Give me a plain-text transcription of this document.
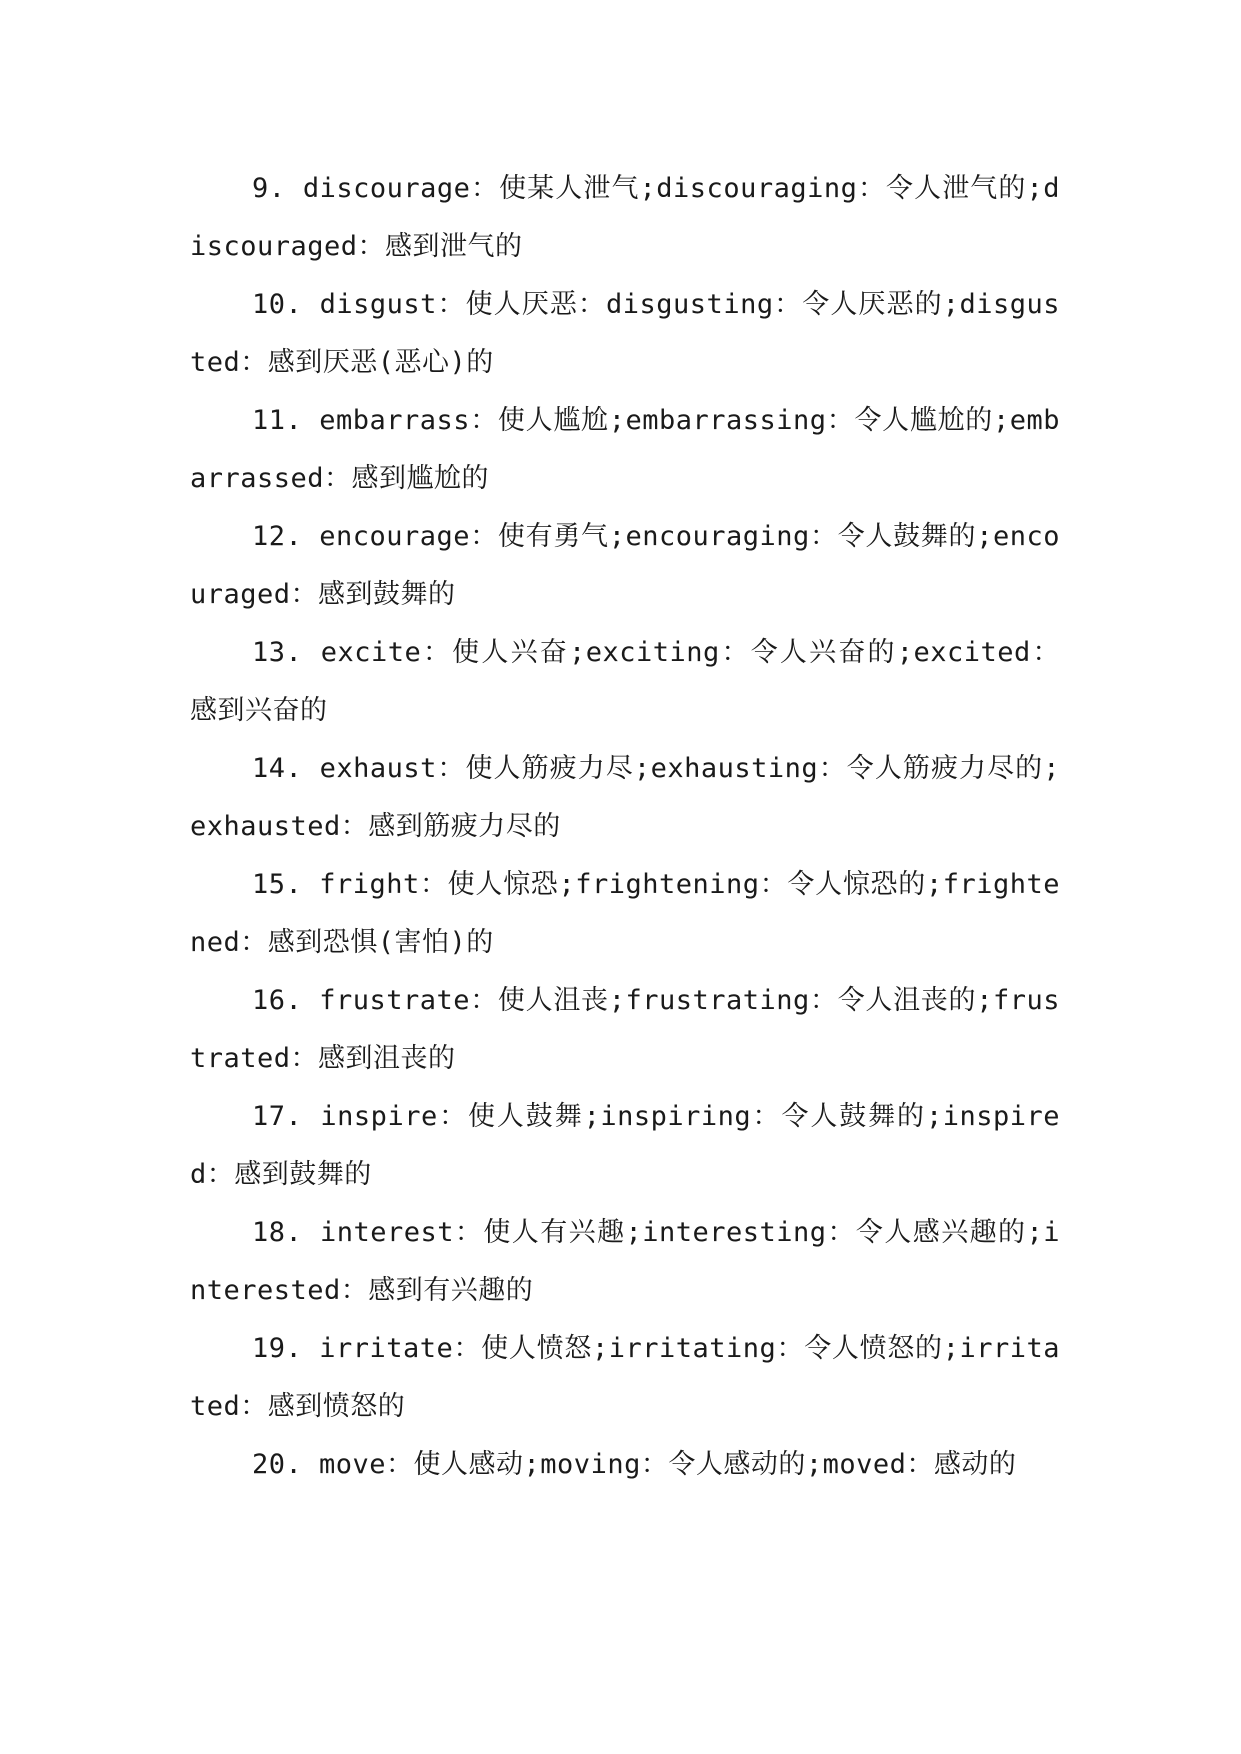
9. discourage：使某人泄气;discouraging：令人泄气的;discouraged：感到泄气的

10. disgust：使人厌恶：disgusting：令人厌恶的;disgusted：感到厌恶(恶心)的

11. embarrass：使人尴尬;embarrassing：令人尴尬的;embarrassed：感到尴尬的

12. encourage：使有勇气;encouraging：令人鼓舞的;encouraged：感到鼓舞的

13. excite：使人兴奋;exciting：令人兴奋的;excited：感到兴奋的

14. exhaust：使人筋疲力尽;exhausting：令人筋疲力尽的;exhausted：感到筋疲力尽的

15. fright：使人惊恐;frightening：令人惊恐的;frightened：感到恐惧(害怕)的

16. frustrate：使人沮丧;frustrating：令人沮丧的;frustrated：感到沮丧的

17. inspire：使人鼓舞;inspiring：令人鼓舞的;inspired：感到鼓舞的

18. interest：使人有兴趣;interesting：令人感兴趣的;interested：感到有兴趣的

19. irritate：使人愤怒;irritating：令人愤怒的;irritated：感到愤怒的

20. move：使人感动;moving：令人感动的;moved：感动的
